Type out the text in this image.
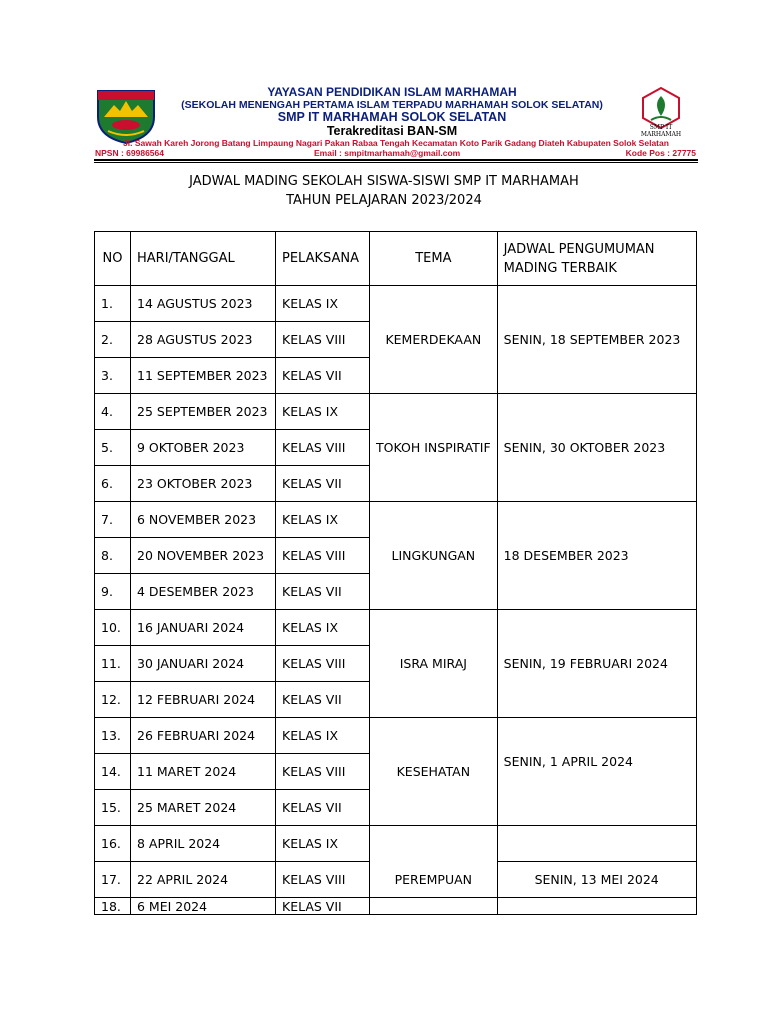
SMP IT
MARHAMAH
YAYASAN PENDIDIKAN ISLAM MARHAMAH
(SEKOLAH MENENGAH PERTAMA ISLAM TERPADU MARHAMAH SOLOK SELATAN)
SMP IT MARHAMAH SOLOK SELATAN
Terakreditasi BAN-SM
Jl. Sawah Kareh Jorong Batang Limpaung Nagari Pakan Rabaa Tengah Kecamatan Koto Parik Gadang Diateh Kabupaten Solok Selatan
NPSN : 69986564	Email : smpitmarhamah@gmail.com	Kode Pos : 27775
JADWAL MADING SEKOLAH SISWA-SISWI SMP IT MARHAMAH
TAHUN PELAJARAN 2023/2024
NO	HARI/TANGGAL	PELAKSANA	TEMA	JADWAL PENGUMUMAN MADING TERBAIK
1.	14 AGUSTUS 2023	KELAS IX	KEMERDEKAAN	SENIN, 18 SEPTEMBER 2023
2.	28 AGUSTUS 2023	KELAS VIII		
3.	11 SEPTEMBER 2023	KELAS VII		
4.	25 SEPTEMBER 2023	KELAS IX	TOKOH INSPIRATIF	SENIN, 30 OKTOBER 2023
5.	9 OKTOBER 2023	KELAS VIII		
6.	23 OKTOBER 2023	KELAS VII		
7.	6 NOVEMBER 2023	KELAS IX	LINGKUNGAN	18 DESEMBER 2023
8.	20 NOVEMBER 2023	KELAS VIII		
9.	4 DESEMBER 2023	KELAS VII		
10.	16 JANUARI 2024	KELAS IX	ISRA MIRAJ	SENIN, 19 FEBRUARI 2024
11.	30 JANUARI 2024	KELAS VIII		
12.	12 FEBRUARI 2024	KELAS VII		
13.	26 FEBRUARI 2024	KELAS IX	KESEHATAN	SENIN, 1 APRIL 2024
14.	11 MARET 2024	KELAS VIII		
15.	25 MARET 2024	KELAS VII		
16.	8 APRIL 2024	KELAS IX		
17.	22 APRIL 2024	KELAS VIII	PEREMPUAN	SENIN, 13 MEI 2024
18.	6 MEI 2024	KELAS VII		
